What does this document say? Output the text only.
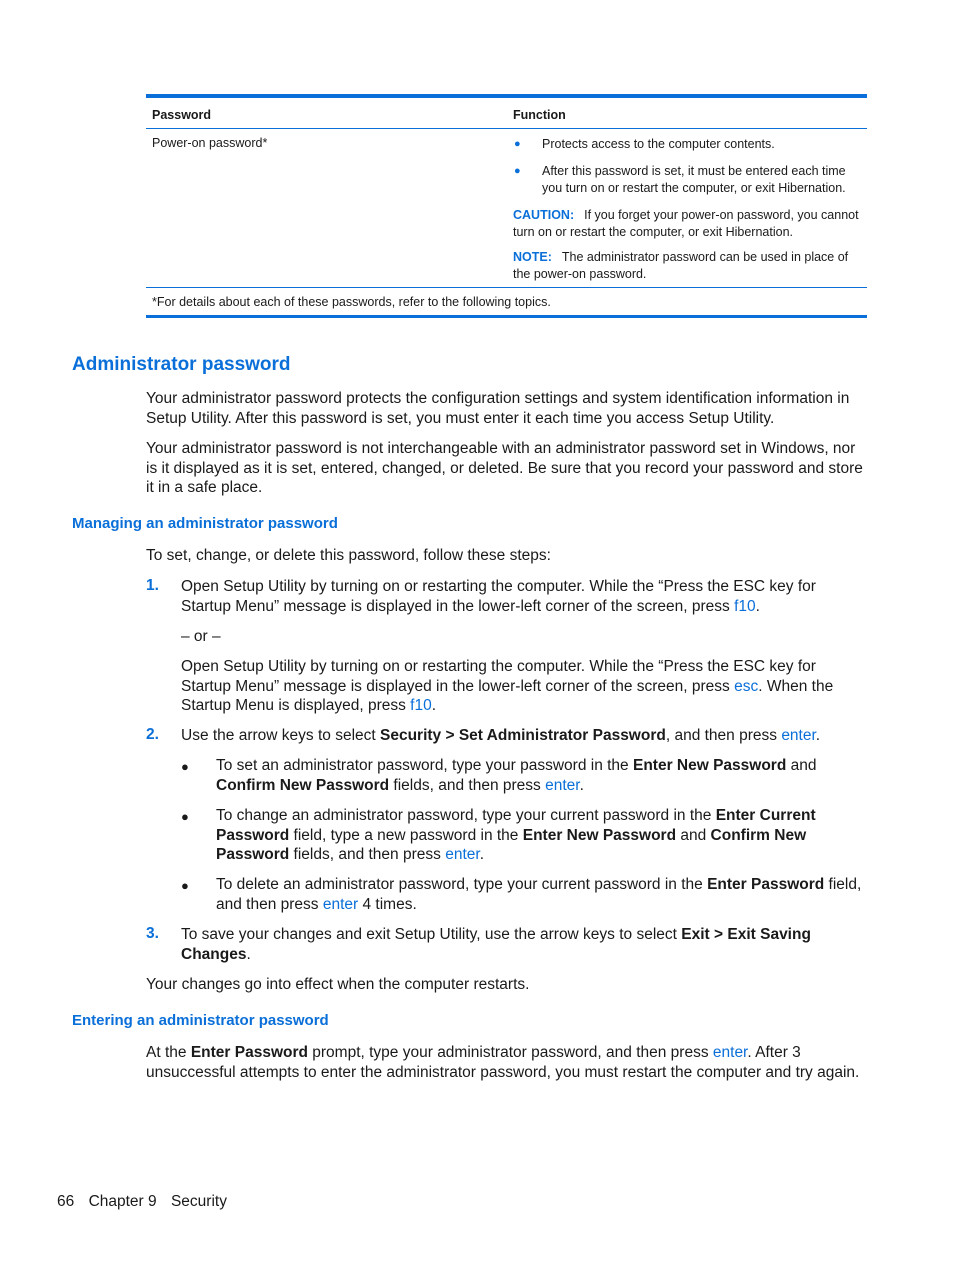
Password	Function
Power-on password*	●	Protects access to the computer contents.
●	After this password is set, it must be entered each time you turn on or restart the computer, or exit Hibernation.
CAUTION: If you forget your power-on password, you cannot turn on or restart the computer, or exit Hibernation.
NOTE: The administrator password can be used in place of the power-on password.
*For details about each of these passwords, refer to the following topics.
Administrator password
Your administrator password protects the configuration settings and system identification information in Setup Utility. After this password is set, you must enter it each time you access Setup Utility.
Your administrator password is not interchangeable with an administrator password set in Windows, nor is it displayed as it is set, entered, changed, or deleted. Be sure that you record your password and store it in a safe place.
Managing an administrator password
To set, change, or delete this password, follow these steps:
1. Open Setup Utility by turning on or restarting the computer. While the “Press the ESC key for Startup Menu” message is displayed in the lower-left corner of the screen, press f10.
– or –
Open Setup Utility by turning on or restarting the computer. While the “Press the ESC key for Startup Menu” message is displayed in the lower-left corner of the screen, press esc. When the Startup Menu is displayed, press f10.
2. Use the arrow keys to select Security > Set Administrator Password, and then press enter.
● To set an administrator password, type your password in the Enter New Password and Confirm New Password fields, and then press enter.
● To change an administrator password, type your current password in the Enter Current Password field, type a new password in the Enter New Password and Confirm New Password fields, and then press enter.
● To delete an administrator password, type your current password in the Enter Password field, and then press enter 4 times.
3. To save your changes and exit Setup Utility, use the arrow keys to select Exit > Exit Saving Changes.
Your changes go into effect when the computer restarts.
Entering an administrator password
At the Enter Password prompt, type your administrator password, and then press enter. After 3 unsuccessful attempts to enter the administrator password, you must restart the computer and try again.
66 Chapter 9 Security
